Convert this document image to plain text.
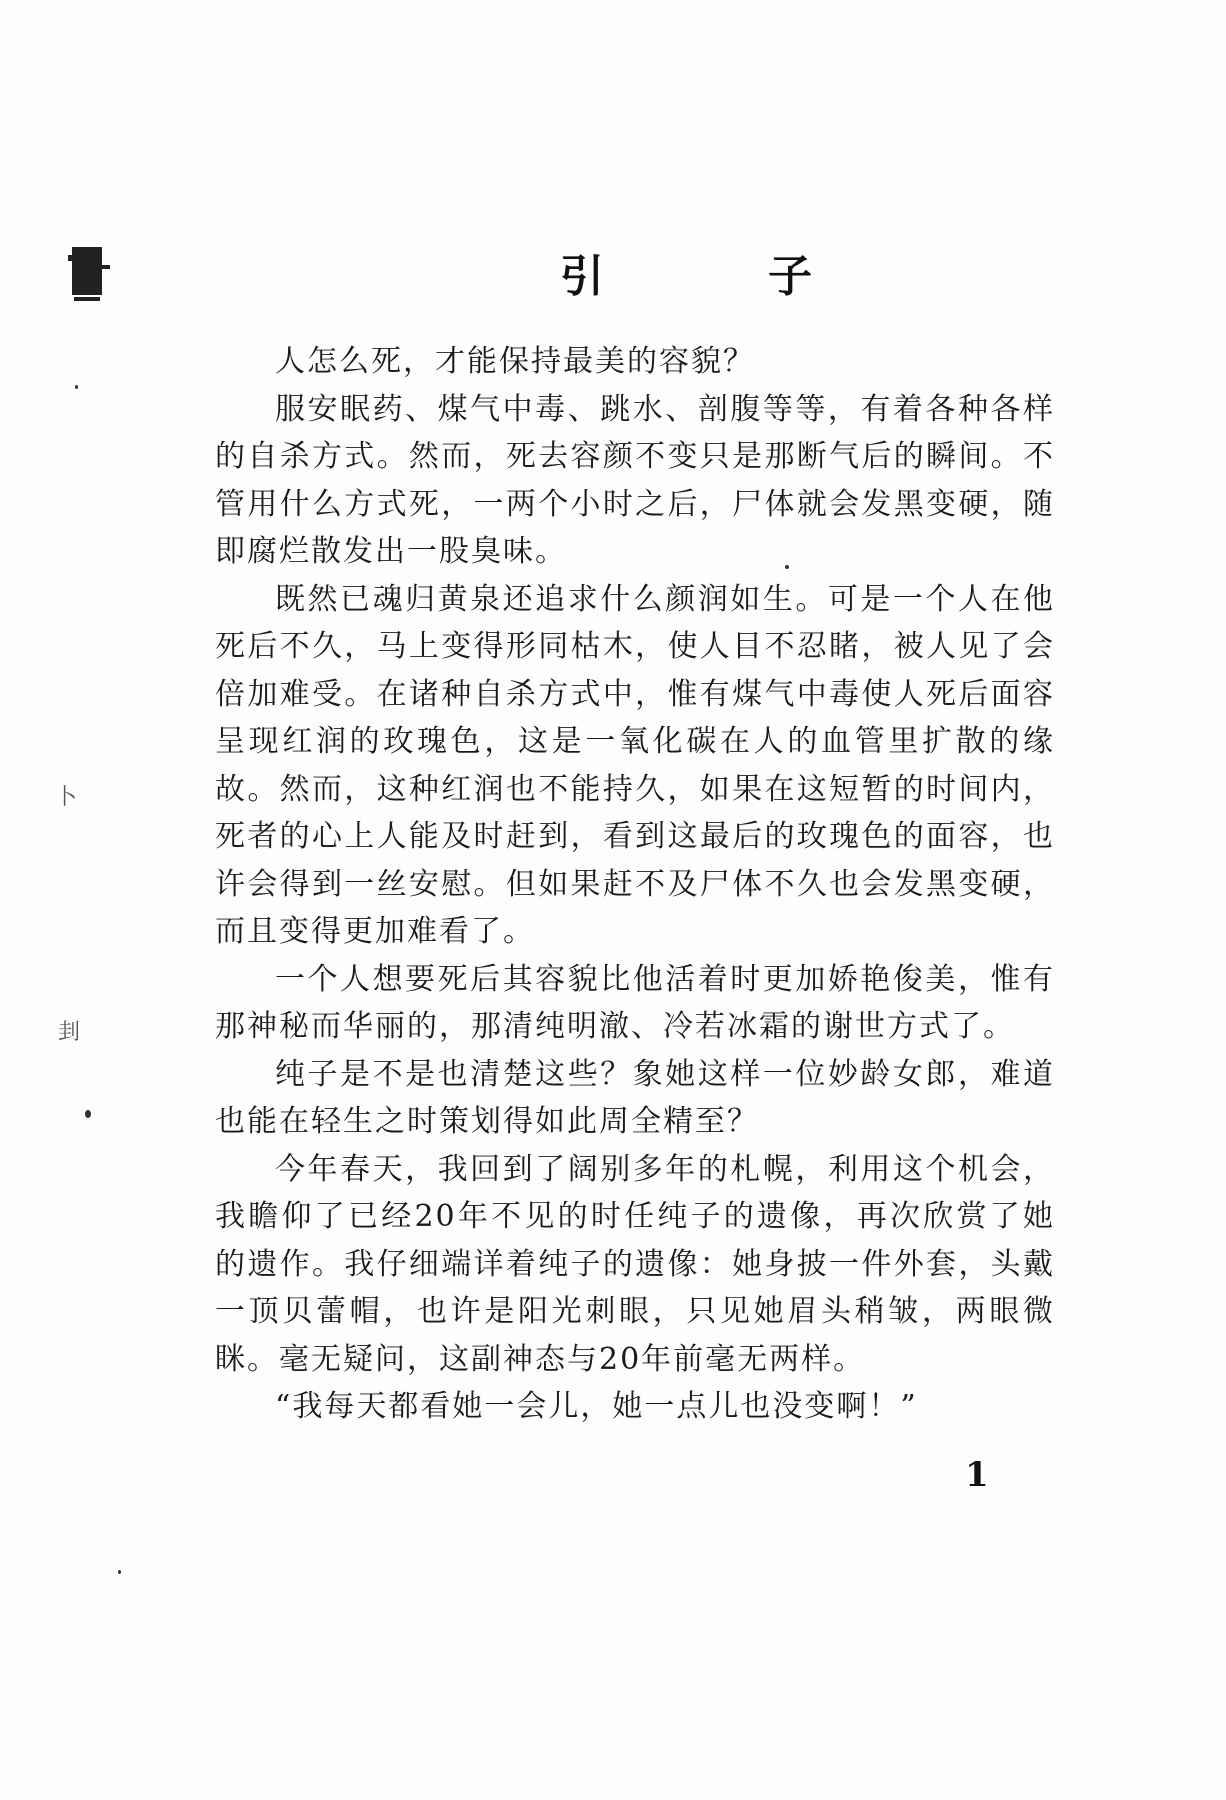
卜
刲
引　子

人怎么死，才能保持最美的容貌？

服安眠药、煤气中毒、跳水、剖腹等等，有着各种各样的自杀方式。然而，死去容颜不变只是那断气后的瞬间。不管用什么方式死，一两个小时之后，尸体就会发黑变硬，随即腐烂散发出一股臭味。

既然已魂归黄泉还追求什么颜润如生。可是一个人在他死后不久，马上变得形同枯木，使人目不忍睹，被人见了会倍加难受。在诸种自杀方式中，惟有煤气中毒使人死后面容呈现红润的玫瑰色，这是一氧化碳在人的血管里扩散的缘故。然而，这种红润也不能持久，如果在这短暂的时间内，死者的心上人能及时赶到，看到这最后的玫瑰色的面容，也许会得到一丝安慰。但如果赶不及尸体不久也会发黑变硬，而且变得更加难看了。

一个人想要死后其容貌比他活着时更加娇艳俊美，惟有那神秘而华丽的，那清纯明澈、冷若冰霜的谢世方式了。

纯子是不是也清楚这些？象她这样一位妙龄女郎，难道也能在轻生之时策划得如此周全精至？

今年春天，我回到了阔别多年的札幌，利用这个机会，我瞻仰了已经20年不见的时任纯子的遗像，再次欣赏了她的遗作。我仔细端详着纯子的遗像：她身披一件外套，头戴一顶贝蕾帽，也许是阳光刺眼，只见她眉头稍皱，两眼微眯。毫无疑问，这副神态与20年前毫无两样。

“我每天都看她一会儿，她一点儿也没变啊！”

1
